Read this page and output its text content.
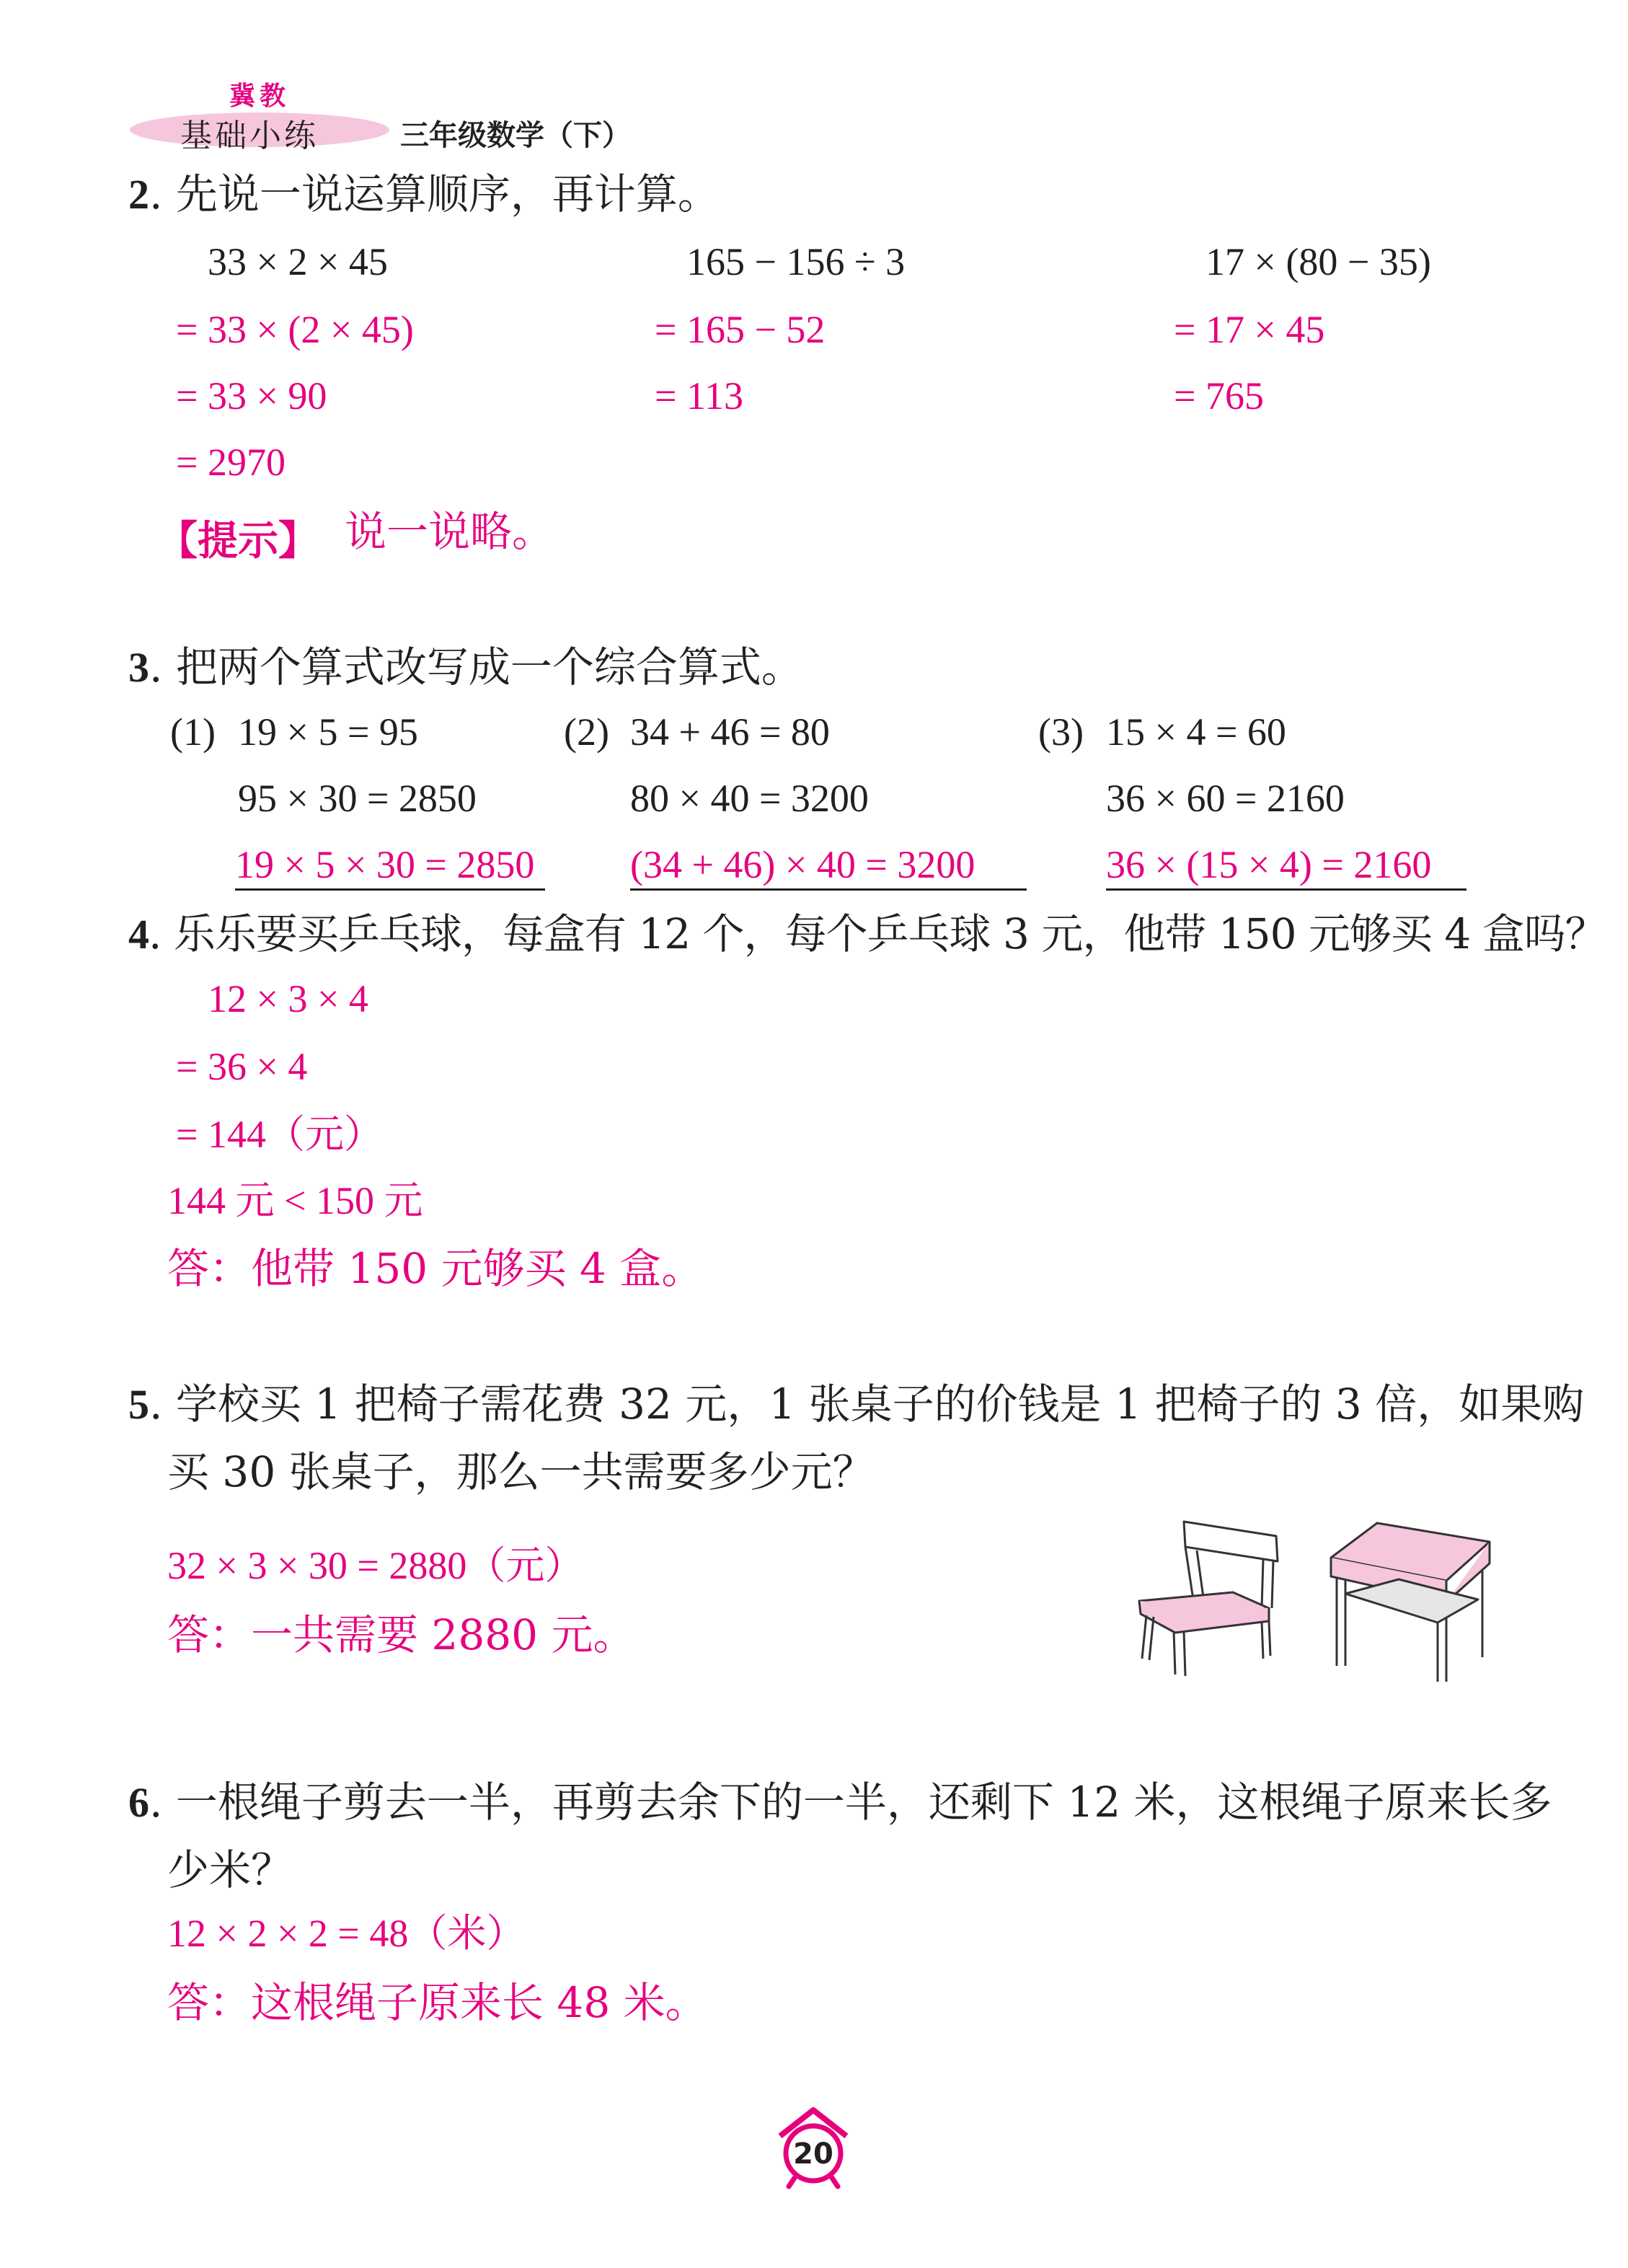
冀教
基础小练	三年级数学（下）
2. 先说一说运算顺序，再计算。
33 × 2 × 45
= 33 × (2 × 45)
= 33 × 90
= 2970
165 − 156 ÷ 3
= 165 − 52
= 113
17 × (80 − 35)
= 17 × 45
= 765
【提示】 说一说略。
3. 把两个算式改写成一个综合算式。
(1) 19 × 5 = 95
95 × 30 = 2850
19 × 5 × 30 = 2850
(2) 34 + 46 = 80
80 × 40 = 3200
(34 + 46) × 40 = 3200
(3) 15 × 4 = 60
36 × 60 = 2160
36 × (15 × 4) = 2160
4. 乐乐要买乒乓球，每盒有 12 个，每个乒乓球 3 元，他带 150 元够买 4 盒吗？
12 × 3 × 4
= 36 × 4
= 144（元）
144 元 < 150 元
答：他带 150 元够买 4 盒。
5. 学校买 1 把椅子需花费 32 元，1 张桌子的价钱是 1 把椅子的 3 倍，如果购
买 30 张桌子，那么一共需要多少元？
32 × 3 × 30 = 2880（元）
答：一共需要 2880 元。
6. 一根绳子剪去一半，再剪去余下的一半，还剩下 12 米，这根绳子原来长多
少米？
12 × 2 × 2 = 48（米）
答：这根绳子原来长 48 米。
20
